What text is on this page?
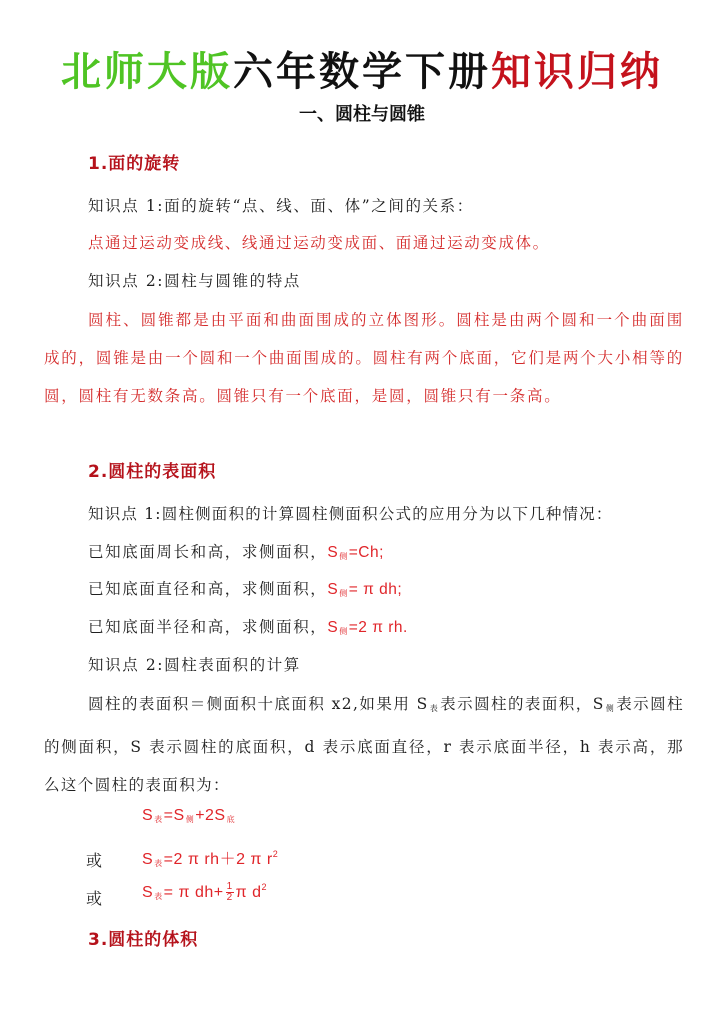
北师大版六年数学下册知识归纳
一、圆柱与圆锥
1.面的旋转
知识点 1:面的旋转“点、线、面、体”之间的关系：
点通过运动变成线、线通过运动变成面、面通过运动变成体。
知识点 2:圆柱与圆锥的特点
圆柱、圆锥都是由平面和曲面围成的立体图形。圆柱是由两个圆和一个曲面围成的，圆锥是由一个圆和一个曲面围成的。圆柱有两个底面，它们是两个大小相等的圆，圆柱有无数条高。圆锥只有一个底面，是圆，圆锥只有一条高。
2.圆柱的表面积
知识点 1:圆柱侧面积的计算圆柱侧面积公式的应用分为以下几种情况：
已知底面周长和高，求侧面积，$S_侧=Ch$;
已知底面直径和高，求侧面积，$S_侧= \pi$ dh;
已知底面半径和高，求侧面积，$S_侧=2$ π rh.
知识点 2:圆柱表面积的计算
圆柱的表面积＝侧面积十底面积 x2,如果用 $S_表$表示圆柱的表面积，$S_侧$表示圆柱的侧面积，S 表示圆柱的底面积，d 表示底面直径，r 表示底面半径，h 表示高，那么这个圆柱的表面积为：
$S_表=S_侧+2S_底$
或 $S_表=2$ π rh＋2 π $r^2$
或 $S_表= \pi$ $dh+ \frac{1}{2}$ π $d^2$
3.圆柱的体积
